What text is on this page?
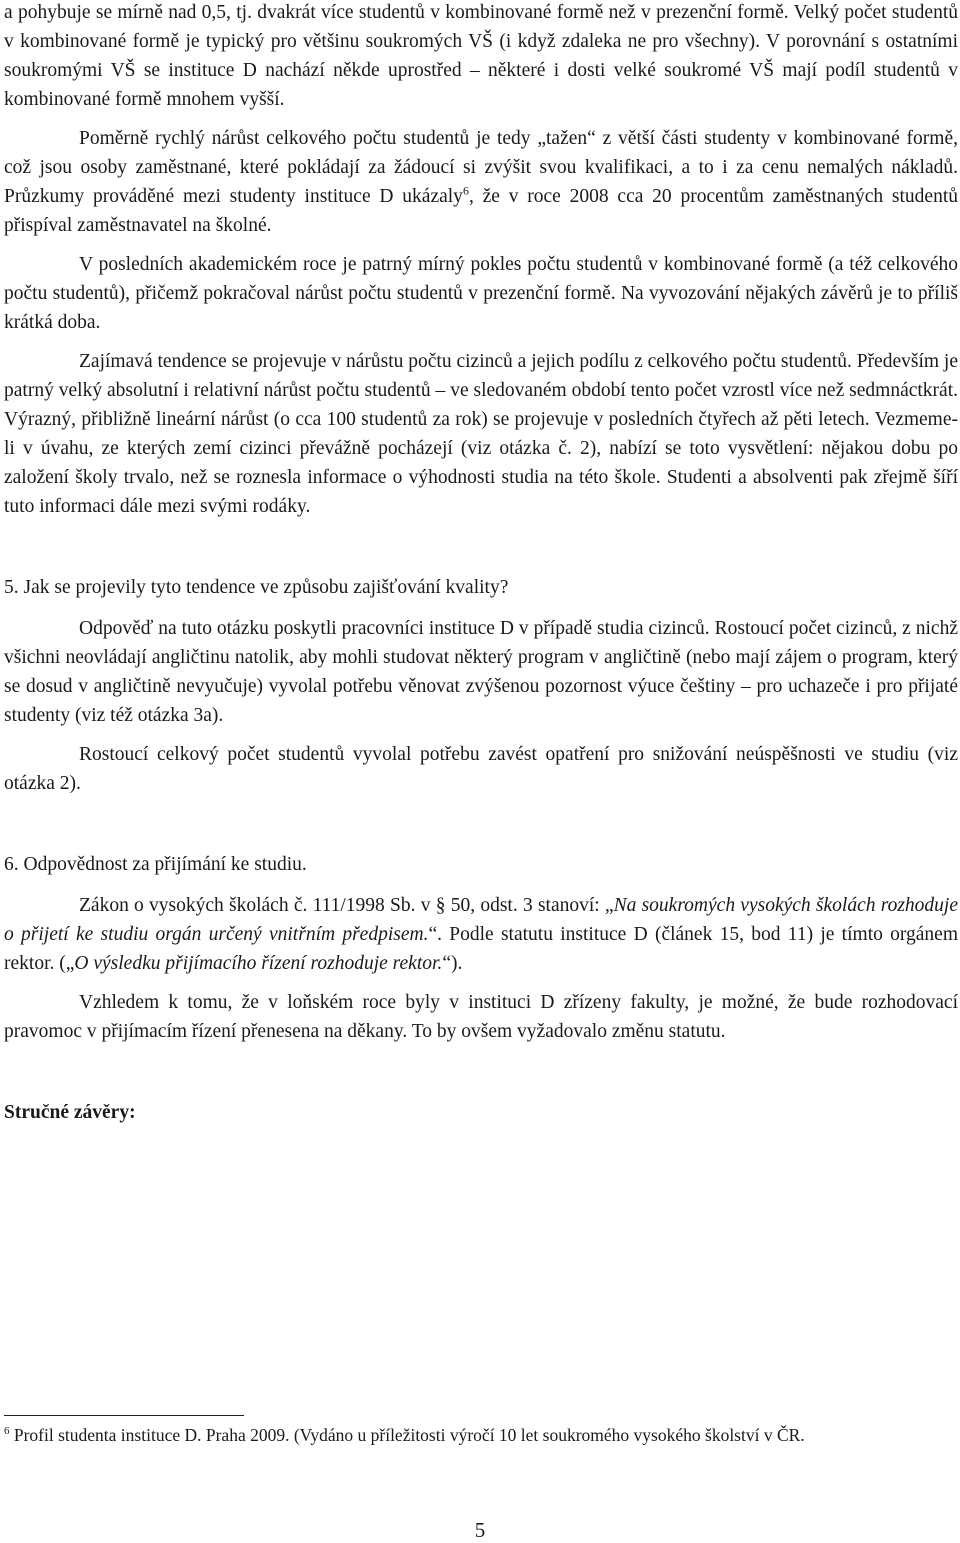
a pohybuje se mírně nad 0,5, tj. dvakrát více studentů v kombinované formě než v prezenční formě. Velký počet studentů v kombinované formě je typický pro většinu soukromých VŠ (i když zdaleka ne pro všechny). V porovnání s ostatními soukromými VŠ se instituce D nachází někde uprostřed – některé i dosti velké soukromé VŠ mají podíl studentů v kombinované formě mnohem vyšší.

Poměrně rychlý nárůst celkového počtu studentů je tedy „tažen“ z větší části studenty v kombinované formě, což jsou osoby zaměstnané, které pokládají za žádoucí si zvýšit svou kvalifikaci, a to i za cenu nemalých nákladů. Průzkumy prováděné mezi studenty instituce D ukázaly$^6$, že v roce 2008 cca 20 procentům zaměstnaných studentů přispíval zaměstnavatel na školné.

V posledních akademickém roce je patrný mírný pokles počtu studentů v kombinované formě (a též celkového počtu studentů), přičemž pokračoval nárůst počtu studentů v prezenční formě. Na vyvozování nějakých závěrů je to příliš krátká doba.

Zajímavá tendence se projevuje v nárůstu počtu cizinců a jejich podílu z celkového počtu studentů. Především je patrný velký absolutní i relativní nárůst počtu studentů – ve sledovaném období tento počet vzrostl více než sedmnáctkrát. Výrazný, přibližně lineární nárůst (o cca 100 studentů za rok) se projevuje v posledních čtyřech až pěti letech. Vezmeme-li v úvahu, ze kterých zemí cizinci převážně pocházejí (viz otázka č. 2), nabízí se toto vysvětlení: nějakou dobu po založení školy trvalo, než se roznesla informace o výhodnosti studia na této škole. Studenti a absolventi pak zřejmě šíří tuto informaci dále mezi svými rodáky.

5. Jak se projevily tyto tendence ve způsobu zajišťování kvality?

Odpověď na tuto otázku poskytli pracovníci instituce D v případě studia cizinců. Rostoucí počet cizinců, z nichž všichni neovládají angličtinu natolik, aby mohli studovat některý program v angličtině (nebo mají zájem o program, který se dosud v angličtině nevyučuje) vyvolal potřebu věnovat zvýšenou pozornost výuce češtiny – pro uchazeče i pro přijaté studenty (viz též otázka 3a).

Rostoucí celkový počet studentů vyvolal potřebu zavést opatření pro snižování neúspěšnosti ve studiu (viz otázka 2).

6. Odpovědnost za přijímání ke studiu.

Zákon o vysokých školách č. 111/1998 Sb. v § 50, odst. 3 stanoví: „Na soukromých vysokých školách rozhoduje o přijetí ke studiu orgán určený vnitřním předpisem.“. Podle statutu instituce D (článek 15, bod 11) je tímto orgánem rektor. („O výsledku přijímacího řízení rozhoduje rektor.“).

Vzhledem k tomu, že v loňském roce byly v instituci D zřízeny fakulty, je možné, že bude rozhodovací pravomoc v přijímacím řízení přenesena na děkany. To by ovšem vyžadovalo změnu statutu.

Stručné závěry:

$^6$ Profil studenta instituce D. Praha 2009. (Vydáno u příležitosti výročí 10 let soukromého vysokého školství v ČR.
5
